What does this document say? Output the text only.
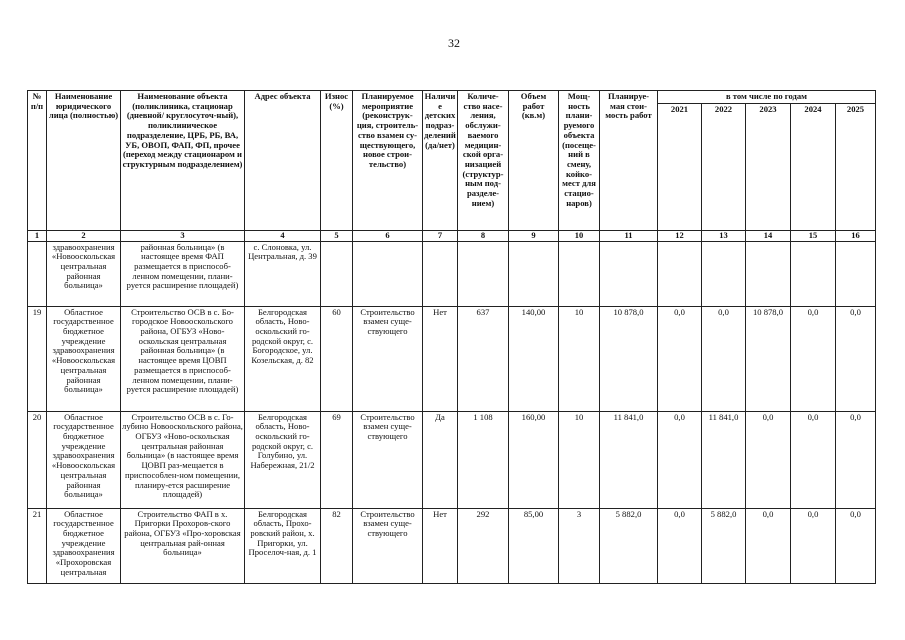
32
№ п/п	Наименование юридического лица (полностью)	Наименование объекта (поликлиника, стационар (дневной/ круглосуточ-ный), поликлиническое подразделение, ЦРБ, РБ, ВА, УБ, ОВОП, ФАП, ФП, прочее (переход между стационаром и структурным подразделением)	Адрес объекта	Износ (%)	Планируемое мероприятие (реконструк-ция, строитель-ство взамен су-ществующего, новое строи-тельство)	Наличие детских подраз-делений (да/нет)	Количе-ство насе-ления, обслужи-ваемого медицин-ской орга-низацией (структур-ным под-разделе-нием)	Объем работ (кв.м)	Мощ-ность плани-руемого объекта (посеще-ний в смену, койко-мест для стацио-наров)	Планируе-мая стои-мость работ	в том числе по годам				
											2021	2022	2023	2024	2025
1	2	3	4	5	6	7	8	9	10	11	12	13	14	15	16
	здравоохранения «Новооскольская центральная районная больница»	районная больница» (в настоящее время ФАП размещается в приспособ-ленном помещении, плани-руется расширение площадей)	с. Слоновка, ул. Центральная, д. 39												
19	Областное государственное бюджетное учреждение здравоохранения «Новооскольская центральная районная больница»	Строительство ОСВ в с. Бо-городское Новооскольского района, ОГБУЗ «Ново-оскольская центральная районная больница» (в настоящее время ЦОВП размещается в приспособ-ленном помещении, плани-руется расширение площадей)	Белгородская область, Ново-оскольский го-родской округ, с. Богородское, ул. Козельская, д. 82	60	Строительство взамен суще-ствующего	Нет	637	140,00	10	10 878,0	0,0	0,0	10 878,0	0,0	0,0
20	Областное государственное бюджетное учреждение здравоохранения «Новооскольская центральная районная больница»	Строительство ОСВ в с. Го-лубино Новооскольского района, ОГБУЗ «Ново-оскольская центральная районная больница» (в настоящее время ЦОВП раз-мещается в приспособлен-ном помещении, планиру-ется расширение площадей)	Белгородская область, Ново-оскольский го-родской округ, с. Голубино, ул. Набережная, 21/2	69	Строительство взамен суще-ствующего	Да	1 108	160,00	10	11 841,0	0,0	11 841,0	0,0	0,0	0,0
21	Областное государственное бюджетное учреждение здравоохранения «Прохоровская центральная	Строительство ФАП в х. Пригорки Прохоров-ского района, ОГБУЗ «Про-хоровская центральная рай-онная больница»	Белгородская область, Прохо-ровский район, х. Пригорки, ул. Проселоч-ная, д. 1	82	Строительство взамен суще-ствующего	Нет	292	85,00	3	5 882,0	0,0	5 882,0	0,0	0,0	0,0
